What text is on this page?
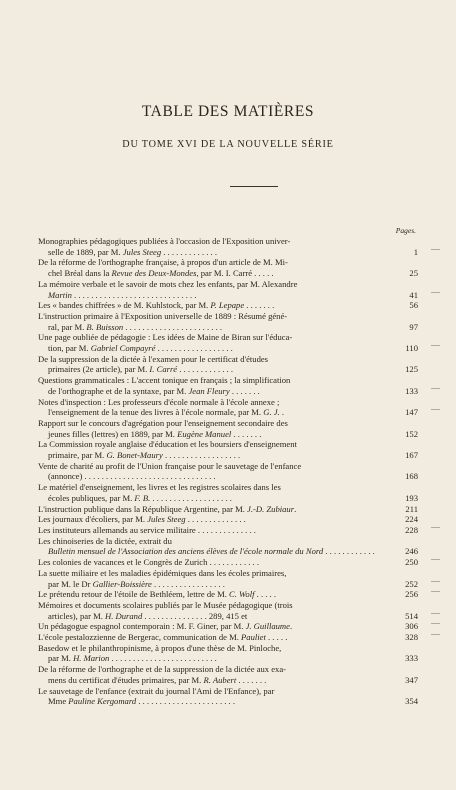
TABLE DES MATIÈRES
DU TOME XVI DE LA NOUVELLE SÉRIE
Pages.
Monographies pédagogiques publiées à l'occasion de l'Exposition univer-
selle de 1889, par M. Jules Steeg . . . . . . . . . . . . .	1 —
De la réforme de l'orthographe française, à propos d'un article de M. Mi-
chel Bréal dans la Revue des Deux-Mondes, par M. I. Carré . . . . .	25
La mémoire verbale et le savoir de mots chez les enfants, par M. Alexandre
Martin . . . . . . . . . . . . . . . . . . . . . . . . . . . . .	41 —
Les « bandes chiffrées » de M. Kuhlstock, par M. P. Lepape . . . . . . .	56
L'instruction primaire à l'Exposition universelle de 1889 : Résumé géné-
ral, par M. B. Buisson . . . . . . . . . . . . . . . . . . . . . . .	97
Une page oubliée de pédagogie : Les idées de Maine de Biran sur l'éduca-
tion, par M. Gabriel Compayré . . . . . . . . . . . . . . . . . .	110 —
De la suppression de la dictée à l'examen pour le certificat d'études
primaires (2e article), par M. I. Carré . . . . . . . . . . . . .	125
Questions grammaticales : L'accent tonique en français ; la simplification
de l'orthographe et de la syntaxe, par M. Jean Fleury . . . . . . .	133 —
Notes d'inspection : Les professeurs d'école normale à l'école annexe ;
l'enseignement de la tenue des livres à l'école normale, par M. G. J. .	147 —
Rapport sur le concours d'agrégation pour l'enseignement secondaire des
jeunes filles (lettres) en 1889, par M. Eugène Manuel . . . . . . .	152
La Commission royale anglaise d'éducation et les boursiers d'enseignement
primaire, par M. G. Bonet-Maury . . . . . . . . . . . . . . . . . .	167
Vente de charité au profit de l'Union française pour le sauvetage de l'enfance
(annonce) . . . . . . . . . . . . . . . . . . . . . . . . . . . . . . .	168
Le matériel d'enseignement, les livres et les registres scolaires dans les
écoles publiques, par M. F. B. . . . . . . . . . . . . . . . . . . .	193
L'instruction publique dans la République Argentine, par M. J.-D. Zubiaur.	211
Les journaux d'écoliers, par M. Jules Steeg . . . . . . . . . . . . . .	224
Les instituteurs allemands au service militaire . . . . . . . . . . . . . .	228 —
Les chinoiseries de la dictée, extrait du
Bulletin mensuel de l'Association des anciens élèves de l'école normale du Nord . . . . . . . . . . . .	246
Les colonies de vacances et le Congrès de Zurich . . . . . . . . . . . .	250 —
La suette miliaire et les maladies épidémiques dans les écoles primaires,
par M. le Dr Gallier-Boissière . . . . . . . . . . . . . . . . .	252 —
Le prétendu retour de l'étoile de Bethléem, lettre de M. C. Wolf . . . . .	256 —
Mémoires et documents scolaires publiés par le Musée pédagogique (trois
articles), par M. H. Durand . . . . . . . . . . . . . . . 289, 415 et	514 —
Un pédagogue espagnol contemporain : M. F. Giner, par M. J. Guillaume.	306 —
L'école pestalozzienne de Bergerac, communication de M. Pauliet . . . . .	328 —
Basedow et le philanthropinisme, à propos d'une thèse de M. Pinloche,
par M. H. Marion . . . . . . . . . . . . . . . . . . . . . . . . .	333
De la réforme de l'orthographe et de la suppression de la dictée aux exa-
mens du certificat d'études primaires, par M. R. Aubert . . . . . . .	347
Le sauvetage de l'enfance (extrait du journal l'Ami de l'Enfance), par
Mme Pauline Kergomard . . . . . . . . . . . . . . . . . . . . . . .	354
